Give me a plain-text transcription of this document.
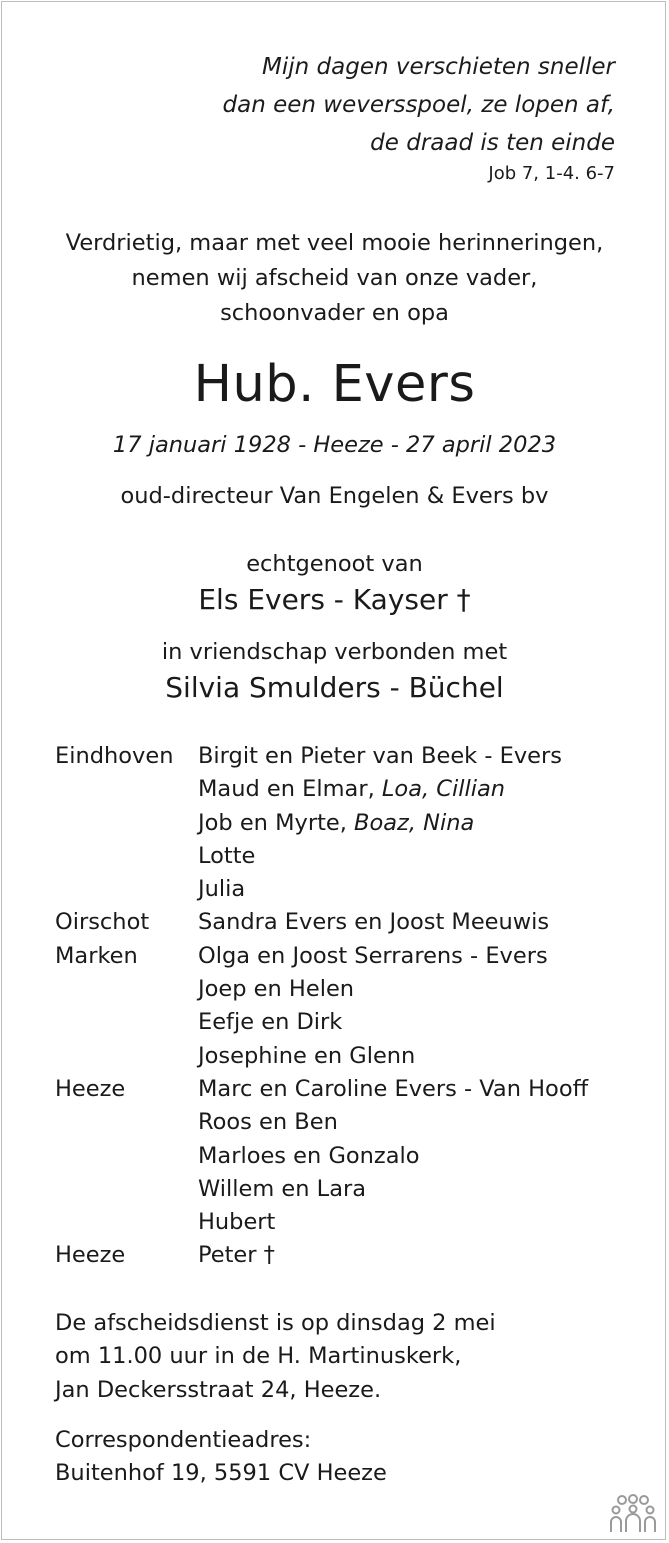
Mijn dagen verschieten sneller
dan een weversspoel, ze lopen af,
de draad is ten einde
Job 7, 1-4. 6-7
Verdrietig, maar met veel mooie herinneringen,
nemen wij afscheid van onze vader,
schoonvader en opa
Hub. Evers
17 januari 1928 - Heeze - 27 april 2023
oud-directeur Van Engelen & Evers bv
echtgenoot van
Els Evers - Kayser †
in vriendschap verbonden met
Silvia Smulders - Büchel
Eindhoven Birgit en Pieter van Beek - Evers
Maud en Elmar, Loa, Cillian
Job en Myrte, Boaz, Nina
Lotte
Julia
Oirschot Sandra Evers en Joost Meeuwis
Marken	Olga en Joost Serrarens - Evers
Joep en Helen
Eefje en Dirk
Josephine en Glenn
Heeze	Marc en Caroline Evers - Van Hooff
Roos en Ben
Marloes en Gonzalo
Willem en Lara
Hubert
Heeze	Peter †
De afscheidsdienst is op dinsdag 2 mei
om 11.00 uur in de H. Martinuskerk,
Jan Deckersstraat 24, Heeze.
Correspondentieadres:
Buitenhof 19, 5591 CV Heeze
